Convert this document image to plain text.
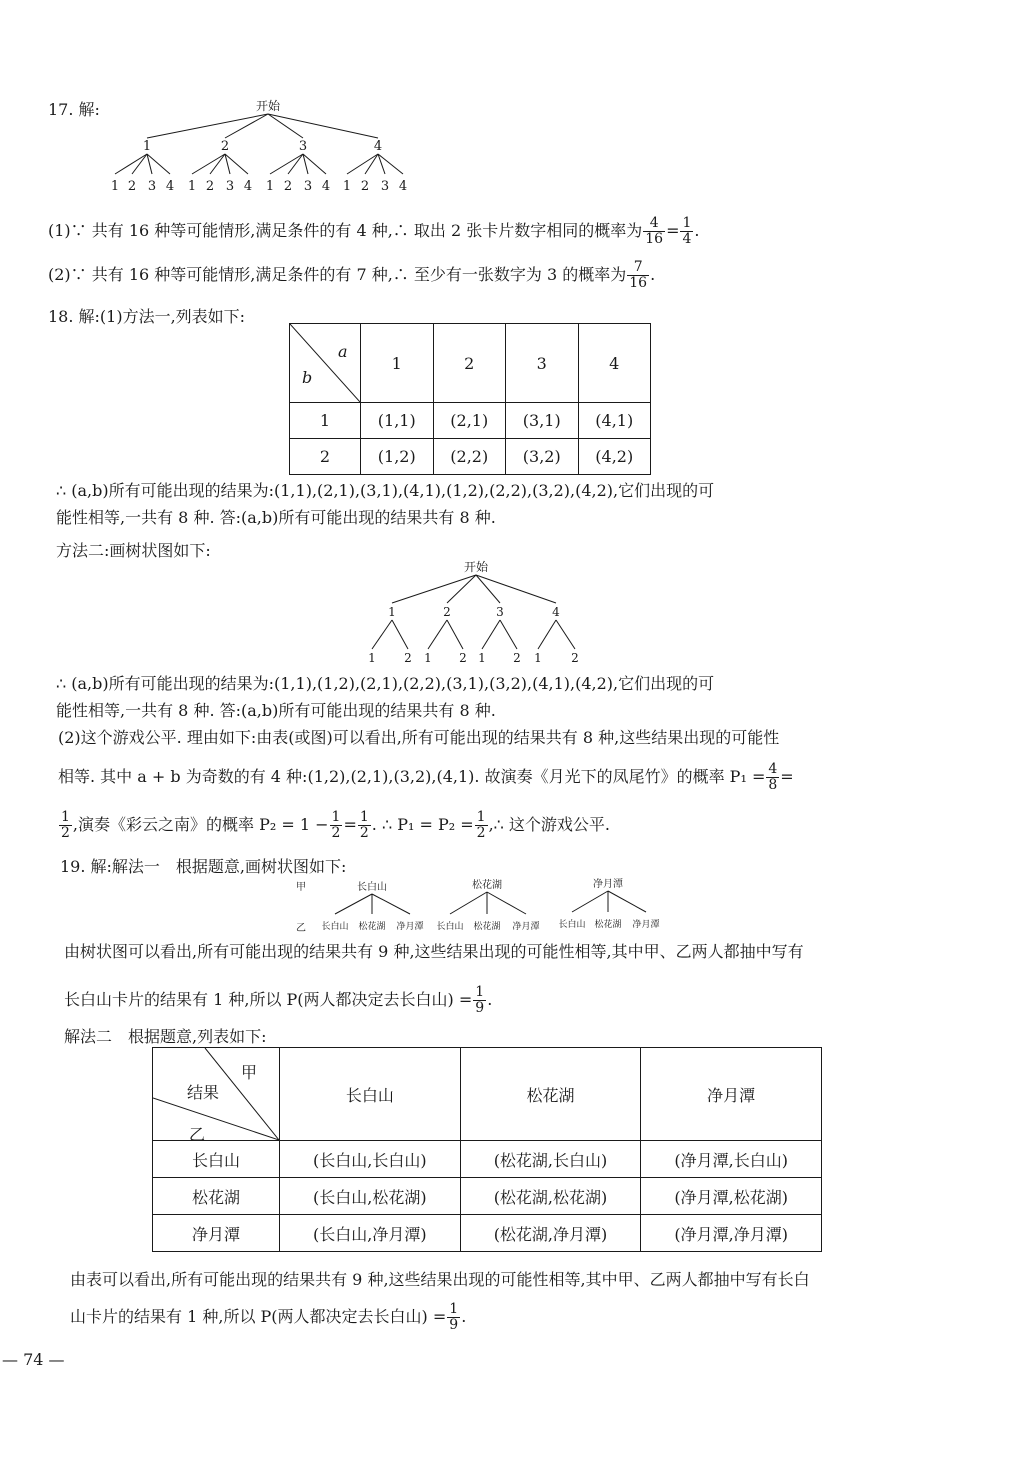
17. 解:	开始
1	2	3	4
1 2 3 4 1 2 3 4 1 2 3 4 1 2 3 4
(1)∵ 共有 16 种等可能情形,满足条件的有 4 种,∴ 取出 2 张卡片数字相同的概率为 $\frac{4}{16} = \frac{1}{4}$ .
(2)∵ 共有 16 种等可能情形,满足条件的有 7 种,∴ 至少有一张数字为 3 的概率为 $\frac{7}{16}$ .
18. 解:(1)方法一,列表如下:
a
b	1	2	3	4
1	(1,1)	(2,1)	(3,1)	(4,1)
2	(1,2)	(2,2)	(3,2)	(4,2)
∴ (a,b)所有可能出现的结果为:(1,1),(2,1),(3,1),(4,1),(1,2),(2,2),(3,2),(4,2),它们出现的可
能性相等,一共有 8 种. 答:(a,b)所有可能出现的结果共有 8 种.
方法二:画树状图如下:
开始
1	2	3	4
1 2 1 2 1 2 1 2
∴ (a,b)所有可能出现的结果为:(1,1),(1,2),(2,1),(2,2),(3,1),(3,2),(4,1),(4,2),它们出现的可
能性相等,一共有 8 种. 答:(a,b)所有可能出现的结果共有 8 种.
(2)这个游戏公平. 理由如下:由表(或图)可以看出,所有可能出现的结果共有 8 种,这些结果出现的可能性
相等. 其中 a + b 为奇数的有 4 种:(1,2),(2,1),(3,2),(4,1). 故演奏《月光下的凤尾竹》的概率 $P_1 = \frac{4}{8}$ =
$\frac{1}{2}$ ,演奏《彩云之南》的概率 $P_2 = 1 - \frac{1}{2} = \frac{1}{2}$ . ∴ $P_1 = P_2 = \frac{1}{2}$ ,∴ 这个游戏公平.
19. 解:解法一　根据题意,画树状图如下:
甲
乙
长白山	松花湖	净月潭
长白山 松花湖 净月潭 长白山 松花湖 净月潭 长白山 松花湖 净月潭
由树状图可以看出,所有可能出现的结果共有 9 种,这些结果出现的可能性相等,其中甲、乙两人都抽中写有
长白山卡片的结果有 1 种,所以 P(两人都决定去长白山) = $\frac{1}{9}$ .
解法二　根据题意,列表如下:
甲
结果
乙	长白山	松花湖	净月潭
长白山	(长白山,长白山)	(松花湖,长白山)	(净月潭,长白山)
松花湖	(长白山,松花湖)	(松花湖,松花湖)	(净月潭,松花湖)
净月潭	(长白山,净月潭)	(松花湖,净月潭)	(净月潭,净月潭)
由表可以看出,所有可能出现的结果共有 9 种,这些结果出现的可能性相等,其中甲、乙两人都抽中写有长白
山卡片的结果有 1 种,所以 P(两人都决定去长白山) = $\frac{1}{9}$ .
— 74 —
